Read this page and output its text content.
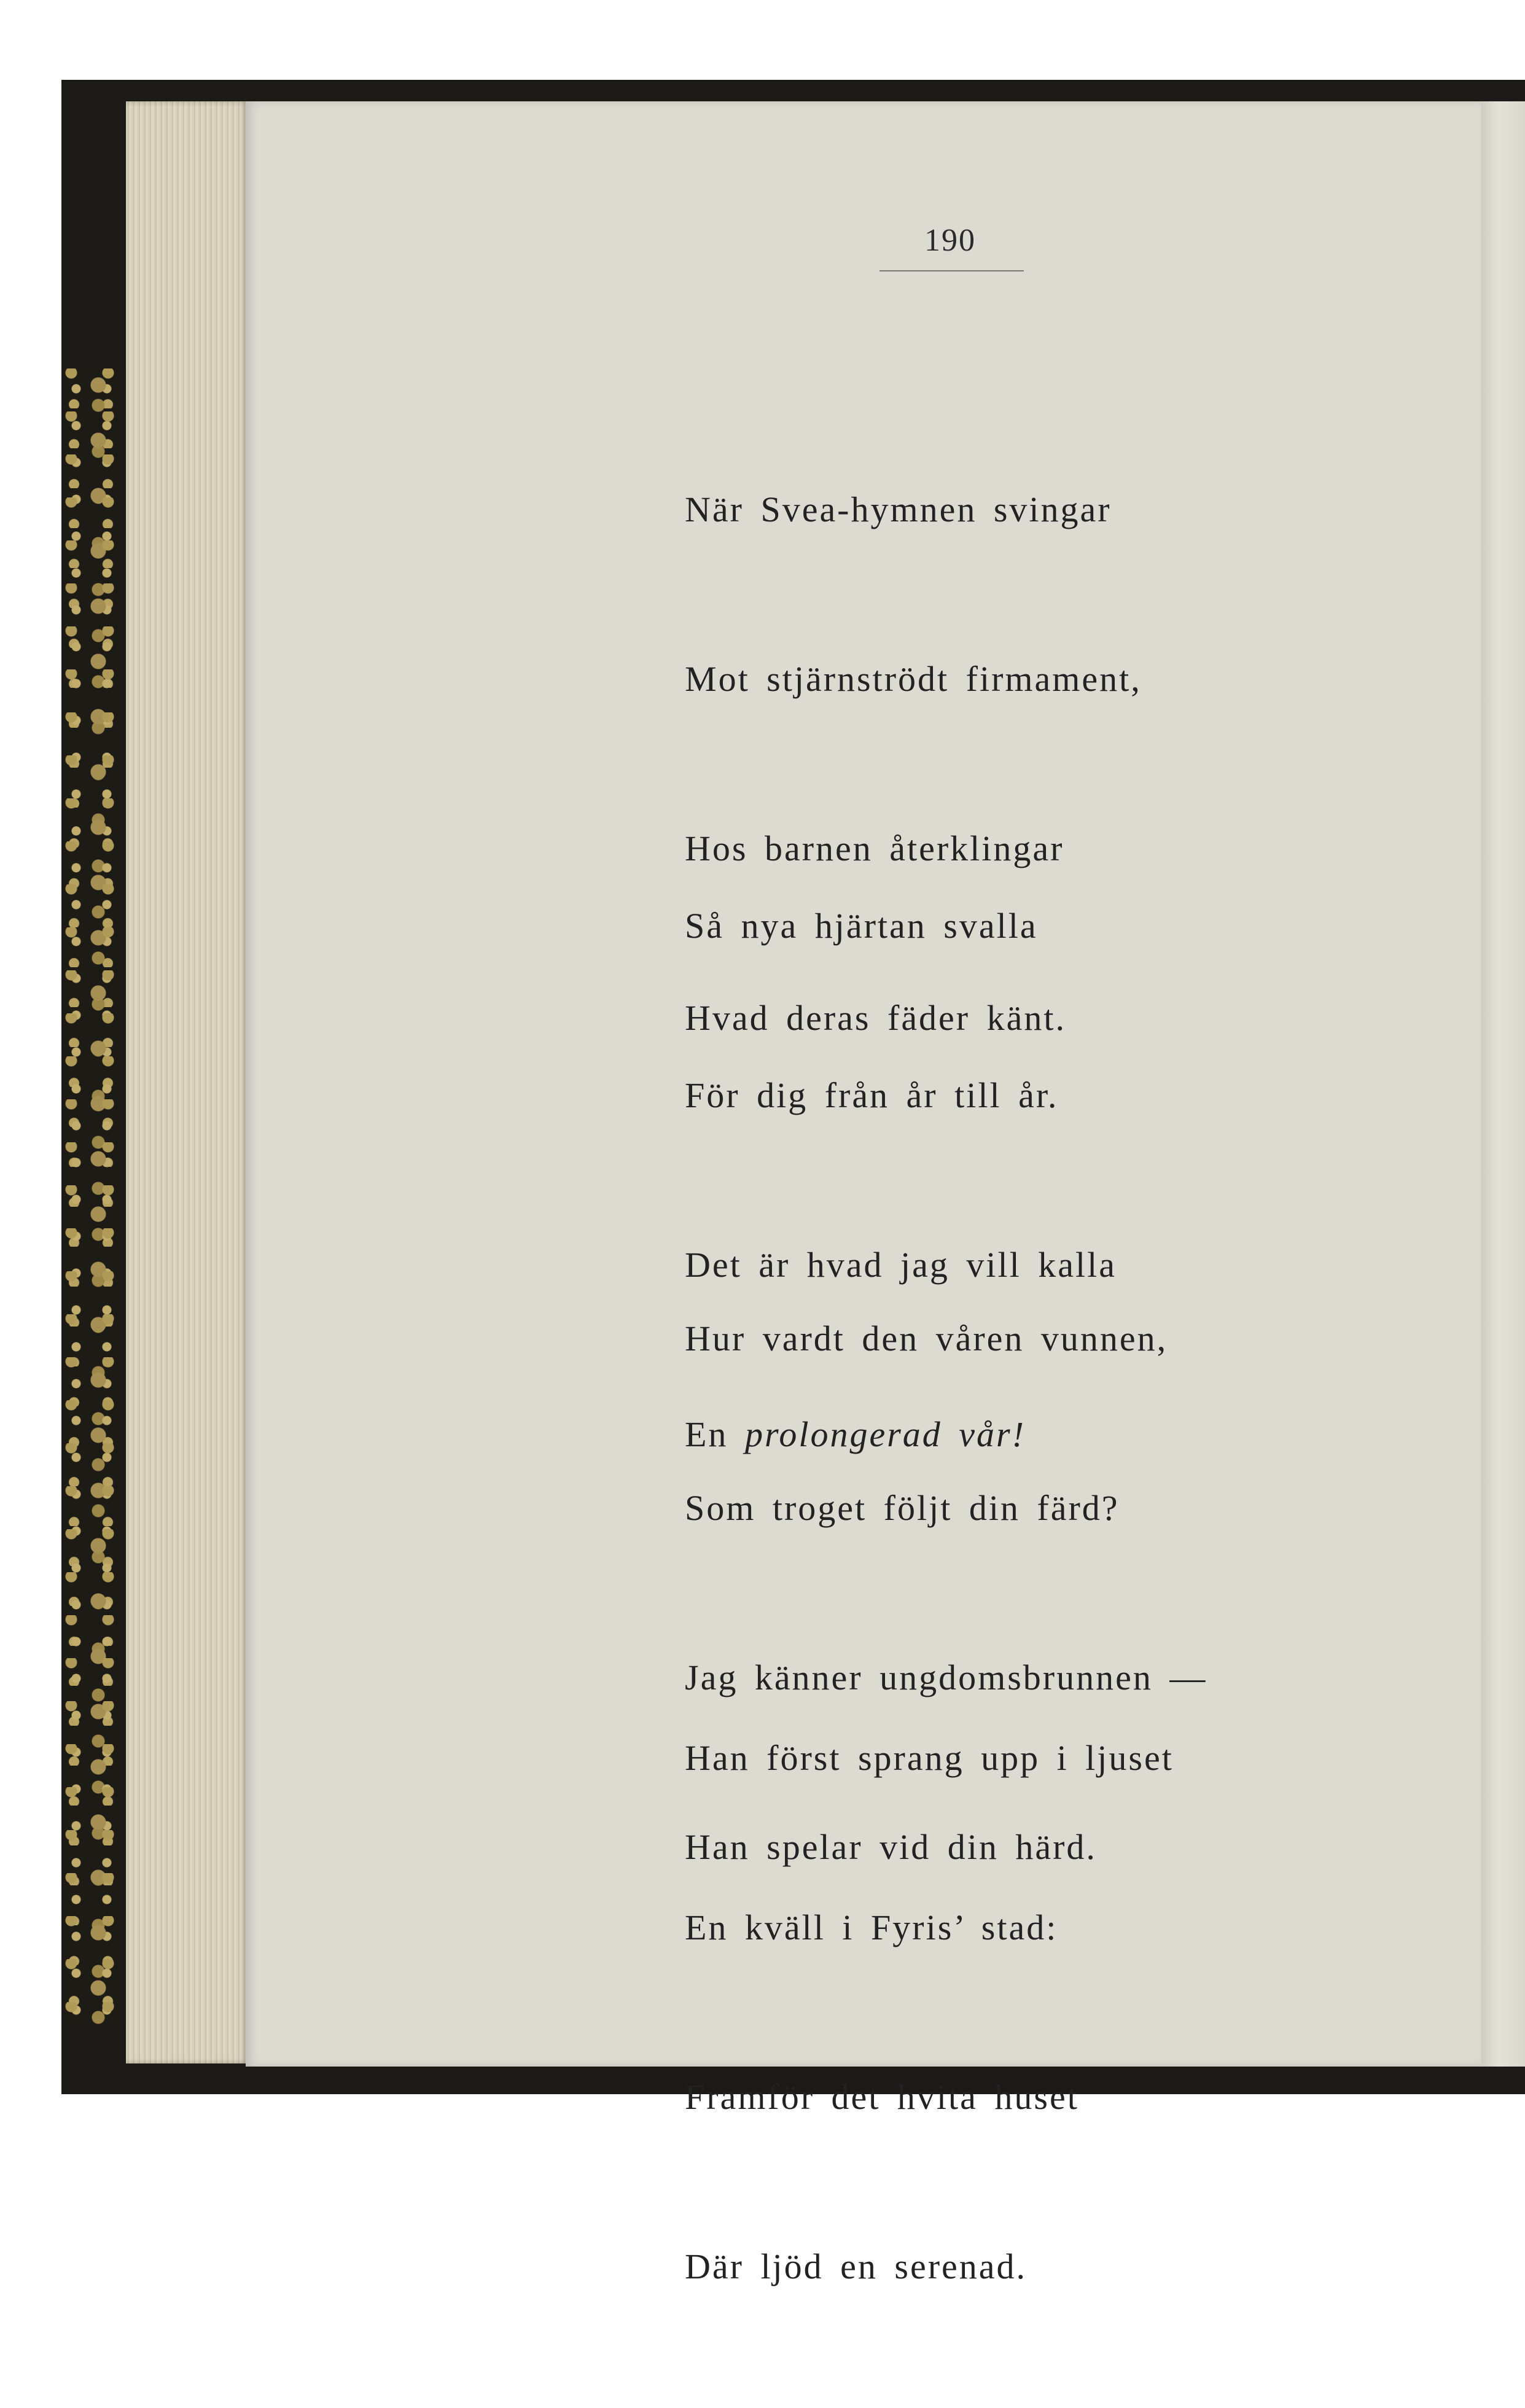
190

När Svea-hymnen svingar

Mot stjärnströdt firmament,

Hos barnen återklingar

Hvad deras fäder känt.

Så nya hjärtan svalla

För dig från år till år.

Det är hvad jag vill kalla

En prolongerad vår!

Hur vardt den våren vunnen,

Som troget följt din färd?

Jag känner ungdomsbrunnen —

Han spelar vid din härd.

Han först sprang upp i ljuset

En kväll i Fyris’ stad:

Framför det hvita huset

Där ljöd en serenad.
